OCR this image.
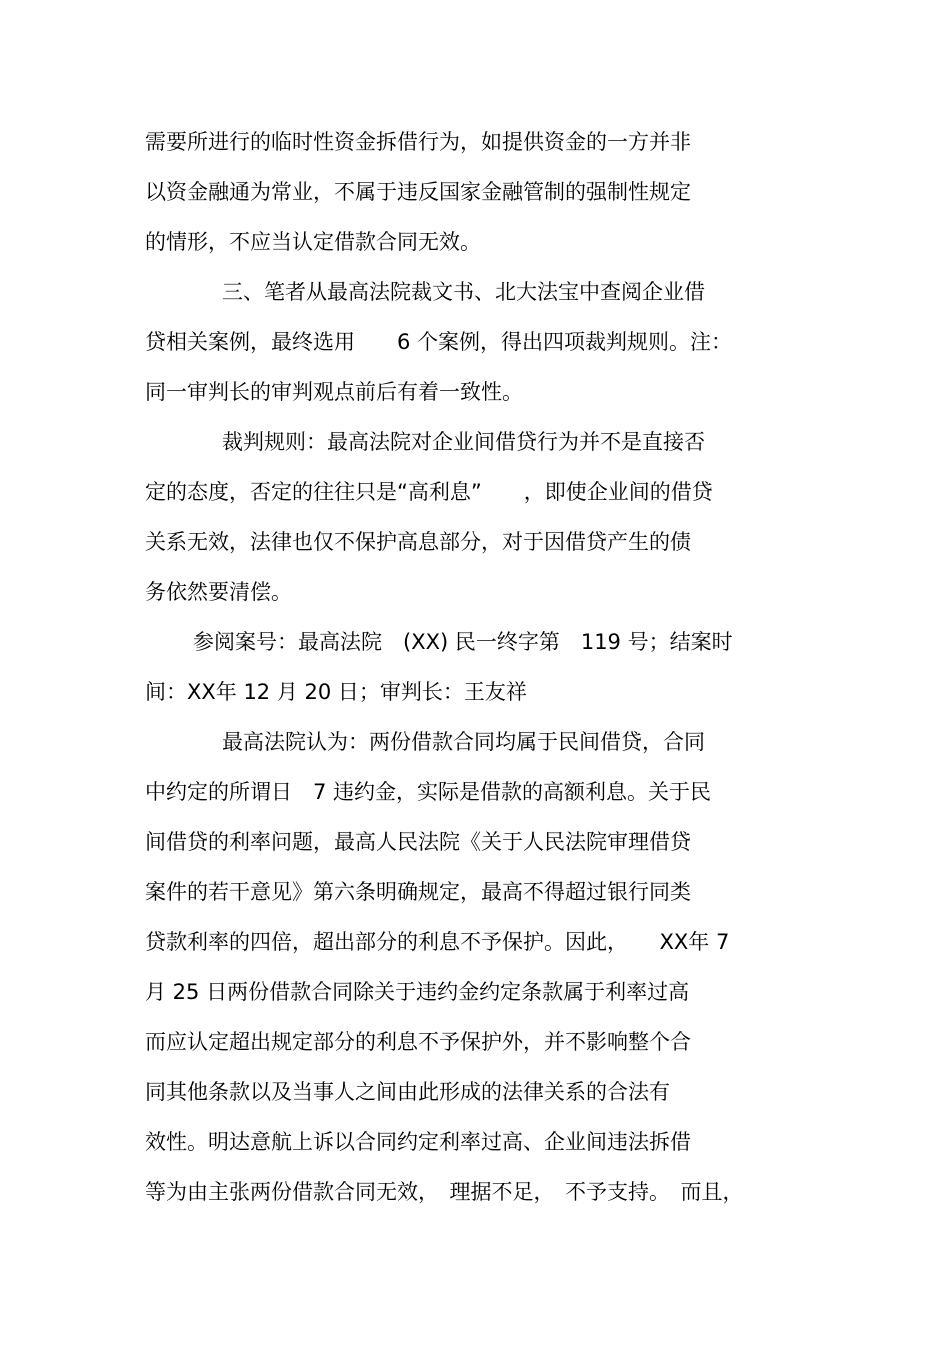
需要所进行的临时性资金拆借行为，如提供资金的一方并非
以资金融通为常业，不属于违反国家金融管制的强制性规定
的情形，不应当认定借款合同无效。
三、笔者从最高法院裁文书、北大法宝中查阅企业借
贷相关案例，最终选用　　6 个案例，得出四项裁判规则。注：
同一审判长的审判观点前后有着一致性。
裁判规则：最高法院对企业间借贷行为并不是直接否
定的态度，否定的往往只是“高利息”　　，即使企业间的借贷
关系无效，法律也仅不保护高息部分，对于因借贷产生的债
务依然要清偿。
参阅案号：最高法院　(XX) 民一终字第　119 号；结案时
间：XX年 12 月 20 日；审判长：王友祥
最高法院认为：两份借款合同均属于民间借贷，合同
中约定的所谓日　7 违约金，实际是借款的高额利息。关于民
间借贷的利率问题，最高人民法院《关于人民法院审理借贷
案件的若干意见》第六条明确规定，最高不得超过银行同类
贷款利率的四倍，超出部分的利息不予保护。因此，　　XX年 7
月 25 日两份借款合同除关于违约金约定条款属于利率过高
而应认定超出规定部分的利息不予保护外，并不影响整个合
同其他条款以及当事人之间由此形成的法律关系的合法有
效性。明达意航上诉以合同约定利率过高、企业间违法拆借
等为由主张两份借款合同无效，　理据不足，　不予支持。　而且，
